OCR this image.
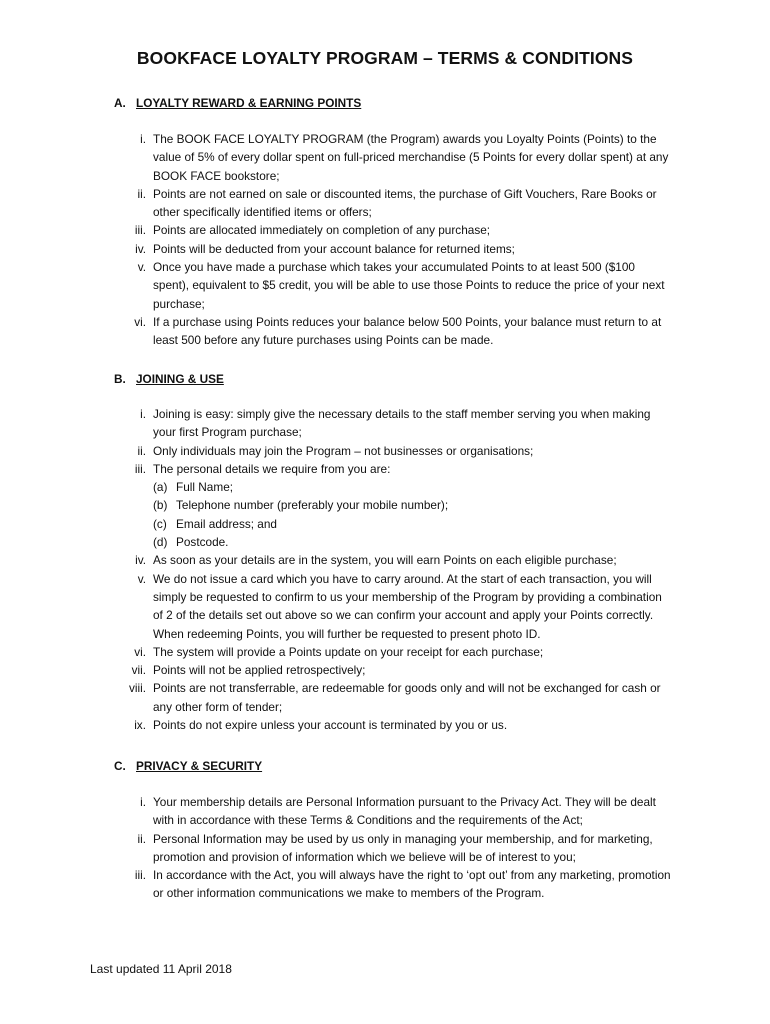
BOOKFACE LOYALTY PROGRAM – TERMS & CONDITIONS
A. LOYALTY REWARD & EARNING POINTS
i. The BOOK FACE LOYALTY PROGRAM (the Program) awards you Loyalty Points (Points) to the value of 5% of every dollar spent on full-priced merchandise (5 Points for every dollar spent) at any BOOK FACE bookstore;
ii. Points are not earned on sale or discounted items, the purchase of Gift Vouchers, Rare Books or other specifically identified items or offers;
iii. Points are allocated immediately on completion of any purchase;
iv. Points will be deducted from your account balance for returned items;
v. Once you have made a purchase which takes your accumulated Points to at least 500 ($100 spent), equivalent to $5 credit, you will be able to use those Points to reduce the price of your next purchase;
vi. If a purchase using Points reduces your balance below 500 Points, your balance must return to at least 500 before any future purchases using Points can be made.
B. JOINING & USE
i. Joining is easy: simply give the necessary details to the staff member serving you when making your first Program purchase;
ii. Only individuals may join the Program – not businesses or organisations;
iii. The personal details we require from you are:
(a) Full Name;
(b) Telephone number (preferably your mobile number);
(c) Email address; and
(d) Postcode.
iv. As soon as your details are in the system, you will earn Points on each eligible purchase;
v. We do not issue a card which you have to carry around. At the start of each transaction, you will simply be requested to confirm to us your membership of the Program by providing a combination of 2 of the details set out above so we can confirm your account and apply your Points correctly. When redeeming Points, you will further be requested to present photo ID.
vi. The system will provide a Points update on your receipt for each purchase;
vii. Points will not be applied retrospectively;
viii. Points are not transferrable, are redeemable for goods only and will not be exchanged for cash or any other form of tender;
ix. Points do not expire unless your account is terminated by you or us.
C. PRIVACY & SECURITY
i. Your membership details are Personal Information pursuant to the Privacy Act. They will be dealt with in accordance with these Terms & Conditions and the requirements of the Act;
ii. Personal Information may be used by us only in managing your membership, and for marketing, promotion and provision of information which we believe will be of interest to you;
iii. In accordance with the Act, you will always have the right to ‘opt out’ from any marketing, promotion or other information communications we make to members of the Program.
Last updated 11 April 2018
